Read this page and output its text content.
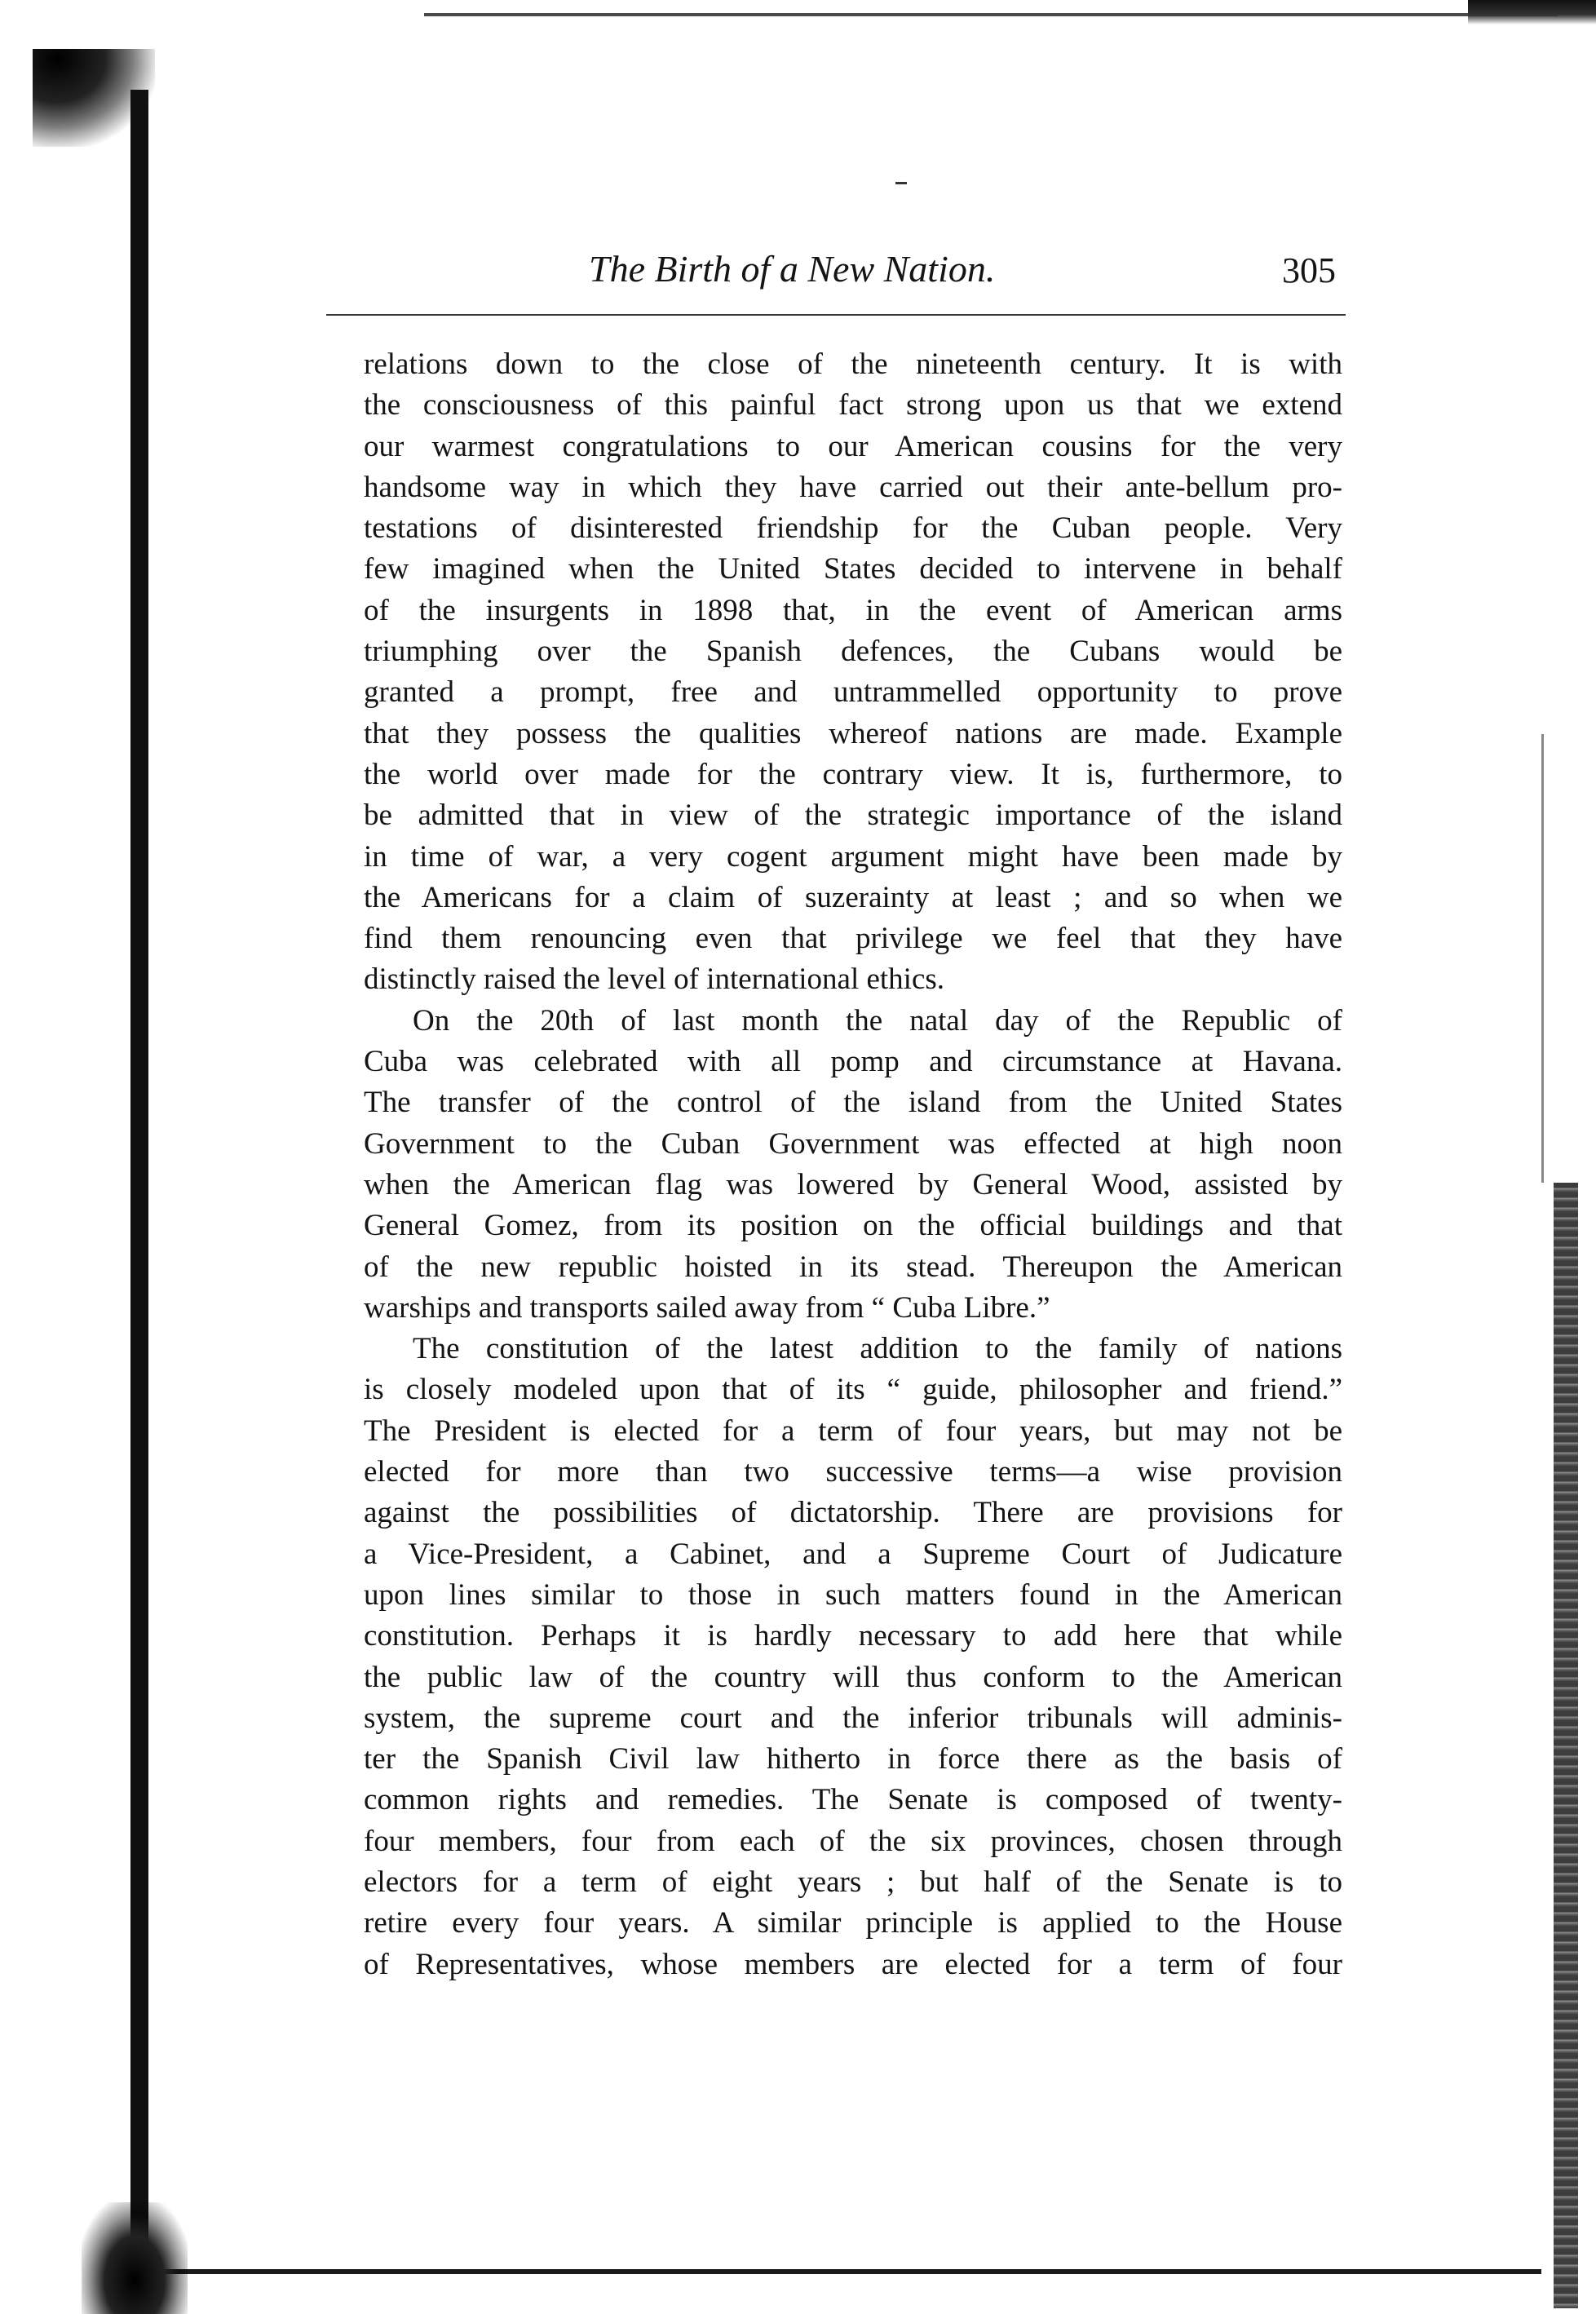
The Birth of a New Nation.	305
relations down to the close of the nineteenth century. It is with
the consciousness of this painful fact strong upon us that we extend
our warmest congratulations to our American cousins for the very
handsome way in which they have carried out their ante-bellum pro-
testations of disinterested friendship for the Cuban people. Very
few imagined when the United States decided to intervene in behalf
of the insurgents in 1898 that, in the event of American arms
triumphing over the Spanish defences, the Cubans would be
granted a prompt, free and untrammelled opportunity to prove
that they possess the qualities whereof nations are made. Example
the world over made for the contrary view. It is, furthermore, to
be admitted that in view of the strategic importance of the island
in time of war, a very cogent argument might have been made by
the Americans for a claim of suzerainty at least ; and so when we
find them renouncing even that privilege we feel that they have
distinctly raised the level of international ethics.
On the 20th of last month the natal day of the Republic of
Cuba was celebrated with all pomp and circumstance at Havana.
The transfer of the control of the island from the United States
Government to the Cuban Government was effected at high noon
when the American flag was lowered by General Wood, assisted by
General Gomez, from its position on the official buildings and that
of the new republic hoisted in its stead. Thereupon the American
warships and transports sailed away from “ Cuba Libre.”
The constitution of the latest addition to the family of nations
is closely modeled upon that of its “ guide, philosopher and friend.”
The President is elected for a term of four years, but may not be
elected for more than two successive terms—a wise provision
against the possibilities of dictatorship. There are provisions for
a Vice-President, a Cabinet, and a Supreme Court of Judicature
upon lines similar to those in such matters found in the American
constitution. Perhaps it is hardly necessary to add here that while
the public law of the country will thus conform to the American
system, the supreme court and the inferior tribunals will adminis-
ter the Spanish Civil law hitherto in force there as the basis of
common rights and remedies. The Senate is composed of twenty-
four members, four from each of the six provinces, chosen through
electors for a term of eight years ; but half of the Senate is to
retire every four years. A similar principle is applied to the House
of Representatives, whose members are elected for a term of four
